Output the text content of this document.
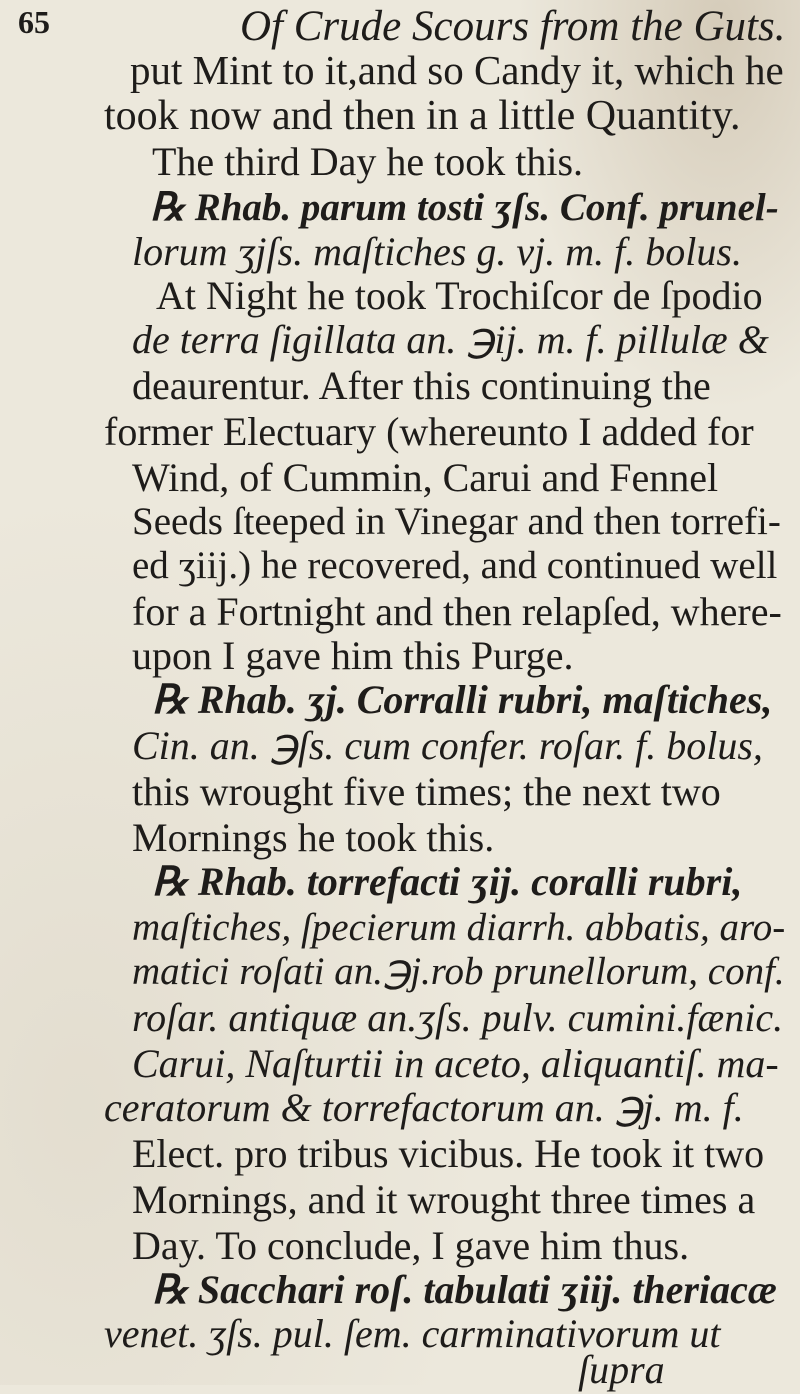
65	Of Crude Scours from the Guts.
put Mint to it,and so Candy it, which he
took now and then in a little Quantity.
The third Day he took this.
℞ Rhab. parum tosti ʒſs. Conf. prunel-
lorum ʒjſs. maſtiches g. vj. m. f. bolus.
At Night he took Trochiſcor de ſpodio
de terra ſigillata an. ℈ij. m. f. pillulæ &
deaurentur. After this continuing the
former Electuary (whereunto I added for
Wind, of Cummin, Carui and Fennel
Seeds ſteeped in Vinegar and then torrefi-
ed ʒiij.) he recovered, and continued well
for a Fortnight and then relapſed, where-
upon I gave him this Purge.
℞ Rhab. ʒj. Corralli rubri, maſtiches,
Cin. an. ℈ſs. cum confer. roſar. f. bolus,
this wrought five times; the next two
Mornings he took this.
℞ Rhab. torrefacti ʒij. coralli rubri,
maſtiches, ſpecierum diarrh. abbatis, aro-
matici roſati an.℈j.rob prunellorum, conf.
roſar. antiquæ an.ʒſs. pulv. cumini.fænic.
Carui, Naſturtii in aceto, aliquantiſ. ma-
ceratorum & torrefactorum an. ℈j. m. f.
Elect. pro tribus vicibus. He took it two
Mornings, and it wrought three times a
Day. To conclude, I gave him thus.
℞ Sacchari roſ. tabulati ʒiij. theriacæ
venet. ʒſs. pul. ſem. carminativorum ut
ſupra
